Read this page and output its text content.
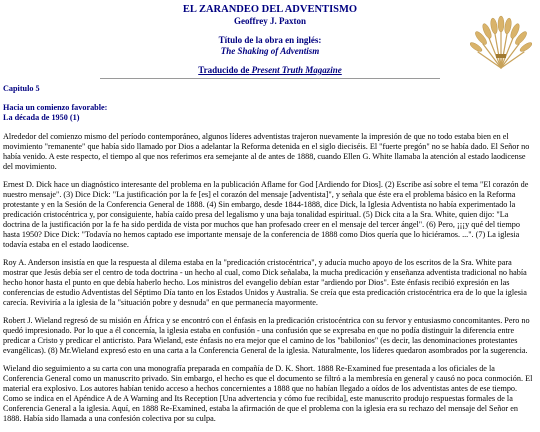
EL ZARANDEO DEL ADVENTISMO
Geoffrey J. Paxton
Título de la obra en inglés:
The Shaking of Adventism
Traducido de Present Truth Magazine
Capitulo 5
Hacia un comienzo favorable:
La década de 1950 (1)

Alrededor del comienzo mismo del período contemporáneo, algunos líderes adventistas trajeron nuevamente la impresión de que no todo estaba bien en el movimiento "remanente" que había sido llamado por Dios a adelantar la Reforma detenida en el siglo dieciséis. El "fuerte pregón" no se había dado. El Señor no había venido. A este respecto, el tiempo al que nos referimos era semejante al de antes de 1888, cuando Ellen G. White llamaba la atención al estado laodicense del movimiento.

Ernest D. Dick hace un diagnóstico interesante del problema en la publicación Aflame for God [Ardiendo for Dios]. (2) Escribe así sobre el tema "El corazón de nuestro mensaje". (3) Dice Dick: "La justificación por la fe [es] el corazón del mensaje [adventista]", y señala que éste era el problema básico en la Reforma protestante y en la Sesión de la Conferencia General de 1888. (4) Sin embargo, desde 1844-1888, dice Dick, la Iglesia Adventista no había experimentado la predicación cristocéntrica y, por consiguiente, había caído presa del legalismo y una baja tonalidad espiritual. (5) Dick cita a la Sra. White, quien dijo: "La doctrina de la justificación por la fe ha sido perdida de vista por muchos que han profesado creer en el mensaje del tercer ángel". (6) Pero, ¡¡¡y qué del tiempo hasta 1950? Dice Dick: "Todavía no hemos captado ese importante mensaje de la conferencia de 1888 como Dios quería que lo hiciéramos. ...". (7) La iglesia todavía estaba en el estado laodicense.

Roy A. Anderson insistía en que la respuesta al dilema estaba en la "predicación cristocéntrica", y aducía mucho apoyo de los escritos de la Sra. White para mostrar que Jesús debía ser el centro de toda doctrina - un hecho al cual, como Dick señalaba, la mucha predicación y enseñanza adventista tradicional no había hecho honor hasta el punto en que debía haberlo hecho. Los ministros del evangelio debían estar "ardiendo por Dios". Este énfasis recibió expresión en las conferencias de estudio Adventistas del Séptimo Día tanto en los Estados Unidos y Australia. Se creía que esta predicación cristocéntrica era de lo que la iglesia carecía. Reviviría a la iglesia de la "situación pobre y desnuda" en que permanecía mayormente.

Robert J. Wieland regresó de su misión en África y se encontró con el énfasis en la predicación cristocéntrica con su fervor y entusiasmo concomitantes. Pero no quedó impresionado. Por lo que a él concernía, la iglesia estaba en confusión - una confusión que se expresaba en que no podía distinguir la diferencia entre predicar a Cristo y predicar el anticristo. Para Wieland, este énfasis no era mejor que el camino de los "babilonios" (es decir, las denominaciones protestantes evangélicas). (8) Mr.Wieland expresó esto en una carta a la Conferencia General de la iglesia. Naturalmente, los líderes quedaron asombrados por la sugerencia.

Wieland dio seguimiento a su carta con una monografía preparada en compañía de D. K. Short. 1888 Re-Examined fue presentada a los oficiales de la Conferencia General como un manuscrito privado. Sin embargo, el hecho es que el documento se filtró a la membresía en general y causó no poca conmoción. El material era explosivo. Los autores habían tenido acceso a hechos concernientes a 1888 que no habían llegado a oídos de los adventistas antes de ese tiempo. Como se indica en el Apéndice A de A Warning and Its Reception [Una advertencia y cómo fue recibida], este manuscrito produjo respuestas formales de la Conferencia General a la iglesia. Aquí, en 1888 Re-Examined, estaba la afirmación de que el problema con la iglesia era su rechazo del mensaje del Señor en 1888. Había sido llamada a una confesión colectiva por su culpa.
